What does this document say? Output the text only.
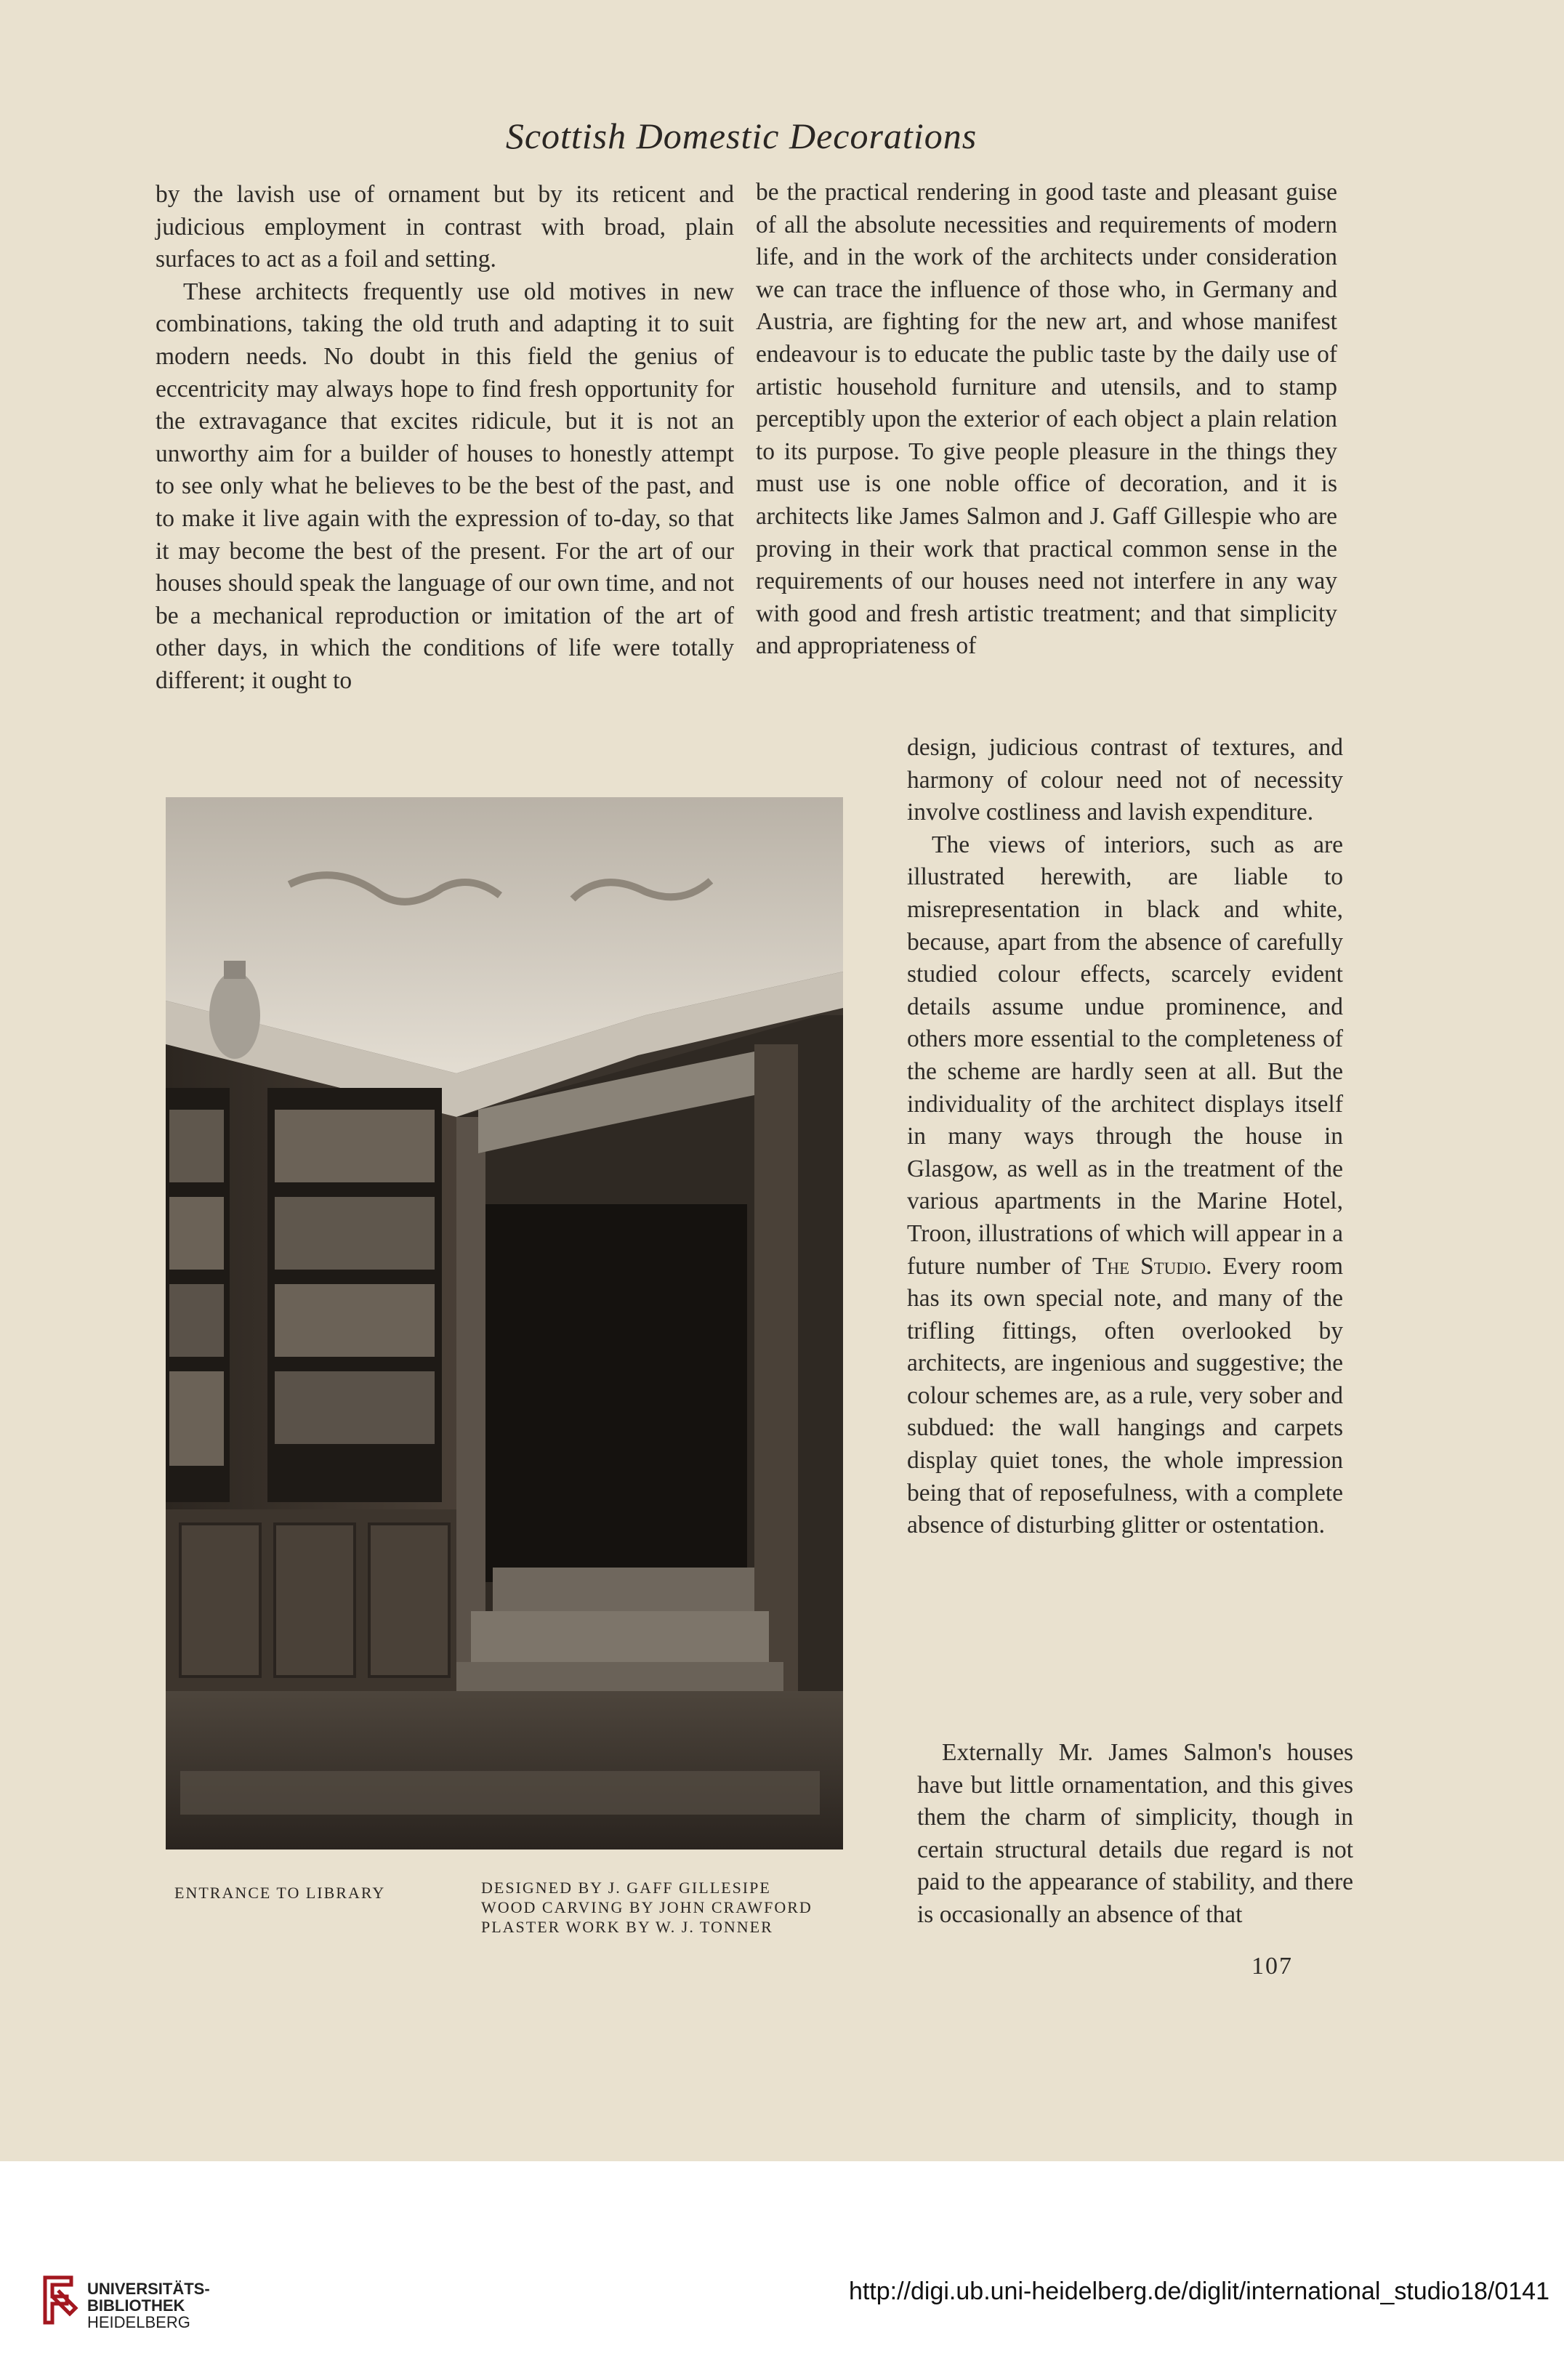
Scottish Domestic Decorations

by the lavish use of ornament but by its reticent and judicious employment in contrast with broad, plain surfaces to act as a foil and setting.

These architects frequently use old motives in new combinations, taking the old truth and adapting it to suit modern needs. No doubt in this field the genius of eccentricity may always hope to find fresh opportunity for the extravagance that excites ridicule, but it is not an unworthy aim for a builder of houses to honestly attempt to see only what he believes to be the best of the past, and to make it live again with the expression of to-day, so that it may become the best of the present. For the art of our houses should speak the language of our own time, and not be a mechanical reproduction or imitation of the art of other days, in which the conditions of life were totally different; it ought to

be the practical rendering in good taste and pleasant guise of all the absolute necessities and requirements of modern life, and in the work of the architects under consideration we can trace the influence of those who, in Germany and Austria, are fighting for the new art, and whose manifest endeavour is to educate the public taste by the daily use of artistic household furniture and utensils, and to stamp perceptibly upon the exterior of each object a plain relation to its purpose. To give people pleasure in the things they must use is one noble office of decoration, and it is architects like James Salmon and J. Gaff Gillespie who are proving in their work that practical common sense in the requirements of our houses need not interfere in any way with good and fresh artistic treatment; and that simplicity and appropriateness of

design, judicious contrast of textures, and harmony of colour need not of necessity involve costliness and lavish expenditure.

The views of interiors, such as are illustrated herewith, are liable to misrepresentation in black and white, because, apart from the absence of carefully studied colour effects, scarcely evident details assume undue prominence, and others more essential to the completeness of the scheme are hardly seen at all. But the individuality of the architect displays itself in many ways through the house in Glasgow, as well as in the treatment of the various apartments in the Marine Hotel, Troon, illustrations of which will appear in a future number of The Studio. Every room has its own special note, and many of the trifling fittings, often overlooked by architects, are ingenious and suggestive; the colour schemes are, as a rule, very sober and subdued: the wall hangings and carpets display quiet tones, the whole impression being that of reposefulness, with a complete absence of disturbing glitter or ostentation.

Externally Mr. James Salmon's houses have but little ornamentation, and this gives them the charm of simplicity, though in certain structural details due regard is not paid to the appearance of stability, and there is occasionally an absence of that

ENTRANCE TO LIBRARY	DESIGNED BY J. GAFF GILLESIPE
WOOD CARVING BY JOHN CRAWFORD
PLASTER WORK BY W. J. TONNER
107
UNIVERSITÄTS-
BIBLIOTHEK
HEIDELBERG
http://digi.ub.uni-heidelberg.de/diglit/international_studio18/0141
